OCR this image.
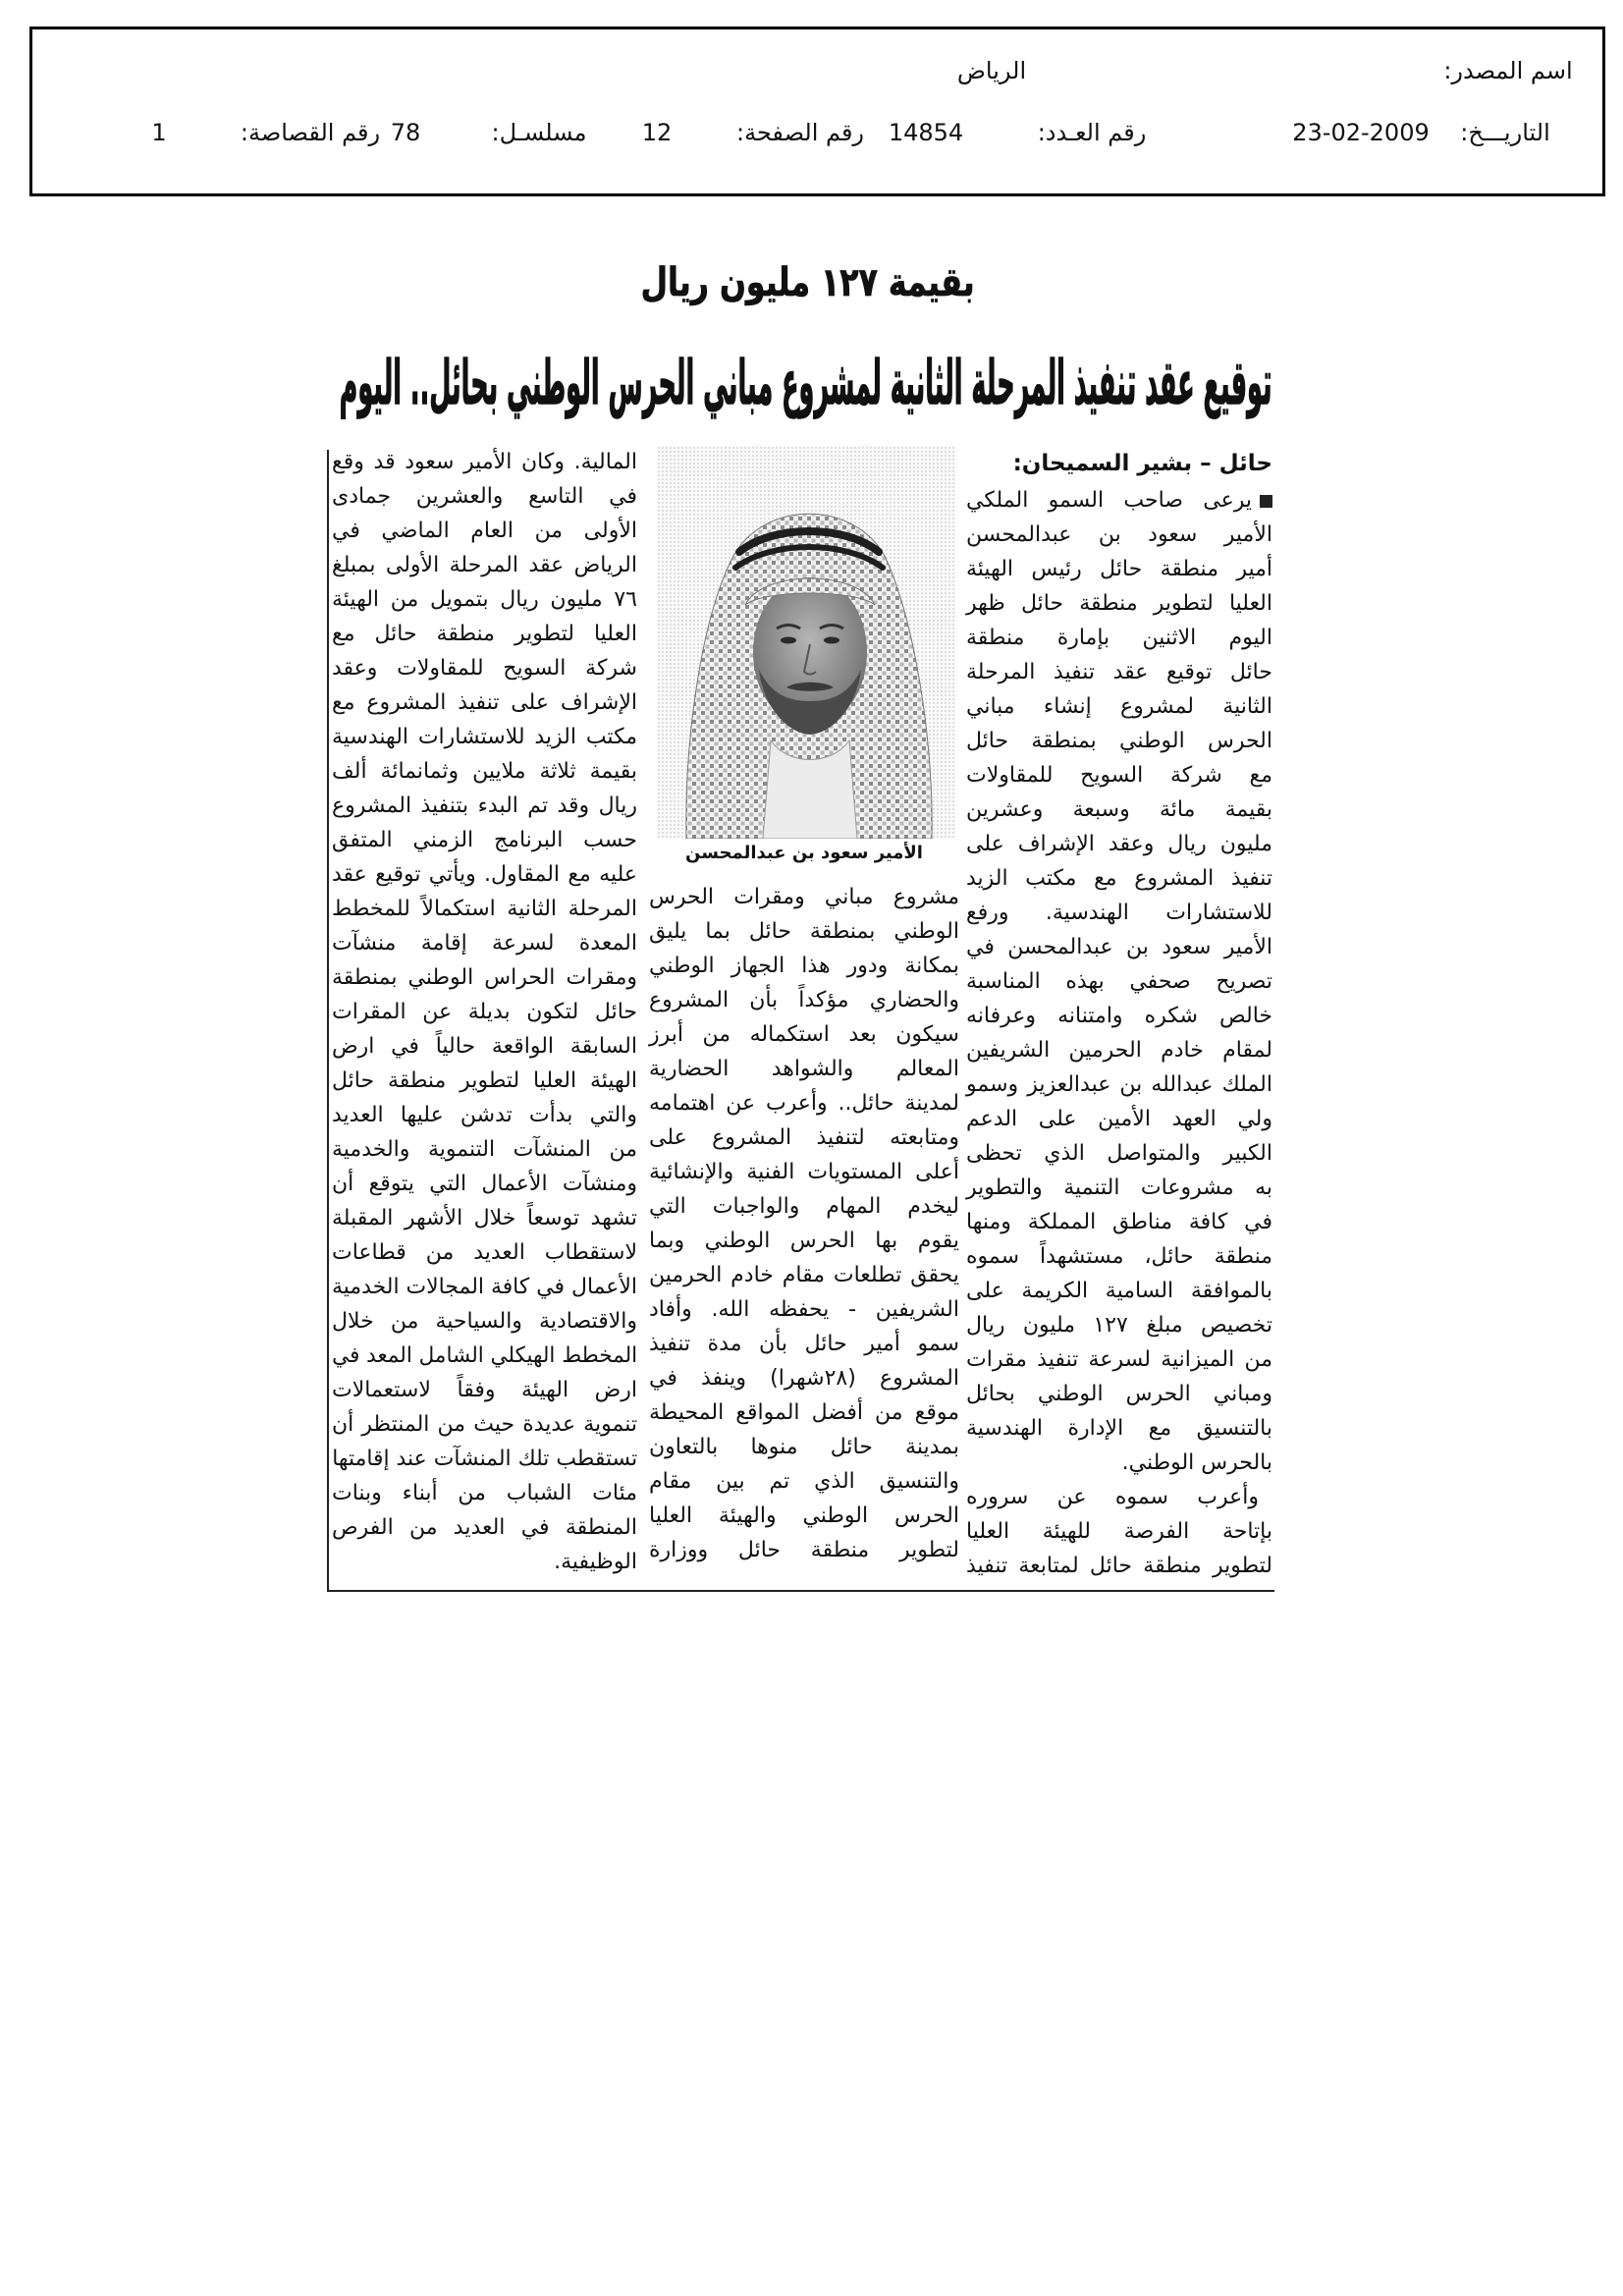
اسم المصدر:
الرياض
التاريـــخ:
23-02-2009
رقم العـدد:
14854
رقم الصفحة:
12
مسلسـل:
78
رقم القصاصة:
1
بقيمة ١٢٧ مليون ريال
توقيع عقد تنفيذ المرحلة الثانية لمشروع مباني الحرس الوطني بحائل.. اليوم
حائل – بشير السميحان:
يرعى صاحب السمو الملكي
الأمير سعود بن عبدالمحسن
أمير منطقة حائل رئيس الهيئة
العليا لتطوير منطقة حائل ظهر
اليوم الاثنين بإمارة منطقة
حائل توقيع عقد تنفيذ المرحلة
الثانية لمشروع إنشاء مباني
الحرس الوطني بمنطقة حائل
مع شركة السويح للمقاولات
بقيمة مائة وسبعة وعشرين
مليون ريال وعقد الإشراف على
تنفيذ المشروع مع مكتب الزيد
للاستشارات الهندسية. ورفع
الأمير سعود بن عبدالمحسن في
تصريح صحفي بهذه المناسبة
خالص شكره وامتنانه وعرفانه
لمقام خادم الحرمين الشريفين
الملك عبدالله بن عبدالعزيز وسمو
ولي العهد الأمين على الدعم
الكبير والمتواصل الذي تحظى
به مشروعات التنمية والتطوير
في كافة مناطق المملكة ومنها
منطقة حائل، مستشهداً سموه
بالموافقة السامية الكريمة على
تخصيص مبلغ ١٢٧ مليون ريال
من الميزانية لسرعة تنفيذ مقرات
ومباني الحرس الوطني بحائل
بالتنسيق مع الإدارة الهندسية
بالحرس الوطني.
وأعرب سموه عن سروره
بإتاحة الفرصة للهيئة العليا
لتطوير منطقة حائل لمتابعة تنفيذ
الأمير سعود بن عبدالمحسن
مشروع مباني ومقرات الحرس
الوطني بمنطقة حائل بما يليق
بمكانة ودور هذا الجهاز الوطني
والحضاري مؤكداً بأن المشروع
سيكون بعد استكماله من أبرز
المعالم والشواهد الحضارية
لمدينة حائل.. وأعرب عن اهتمامه
ومتابعته لتنفيذ المشروع على
أعلى المستويات الفنية والإنشائية
ليخدم المهام والواجبات التي
يقوم بها الحرس الوطني وبما
يحقق تطلعات مقام خادم الحرمين
الشريفين - يحفظه الله. وأفاد
سمو أمير حائل بأن مدة تنفيذ
المشروع (٢٨شهرا) وينفذ في
موقع من أفضل المواقع المحيطة
بمدينة حائل منوها بالتعاون
والتنسيق الذي تم بين مقام
الحرس الوطني والهيئة العليا
لتطوير منطقة حائل ووزارة
المالية. وكان الأمير سعود قد وقع
في التاسع والعشرين جمادى
الأولى من العام الماضي في
الرياض عقد المرحلة الأولى بمبلغ
٧٦ مليون ريال بتمويل من الهيئة
العليا لتطوير منطقة حائل مع
شركة السويح للمقاولات وعقد
الإشراف على تنفيذ المشروع مع
مكتب الزيد للاستشارات الهندسية
بقيمة ثلاثة ملايين وثمانمائة ألف
ريال وقد تم البدء بتنفيذ المشروع
حسب البرنامج الزمني المتفق
عليه مع المقاول. ويأتي توقيع عقد
المرحلة الثانية استكمالاً للمخطط
المعدة لسرعة إقامة منشآت
ومقرات الحراس الوطني بمنطقة
حائل لتكون بديلة عن المقرات
السابقة الواقعة حالياً في ارض
الهيئة العليا لتطوير منطقة حائل
والتي بدأت تدشن عليها العديد
من المنشآت التنموية والخدمية
ومنشآت الأعمال التي يتوقع أن
تشهد توسعاً خلال الأشهر المقبلة
لاستقطاب العديد من قطاعات
الأعمال في كافة المجالات الخدمية
والاقتصادية والسياحية من خلال
المخطط الهيكلي الشامل المعد في
ارض الهيئة وفقاً لاستعمالات
تنموية عديدة حيث من المنتظر أن
تستقطب تلك المنشآت عند إقامتها
مئات الشباب من أبناء وبنات
المنطقة في العديد من الفرص
الوظيفية.
